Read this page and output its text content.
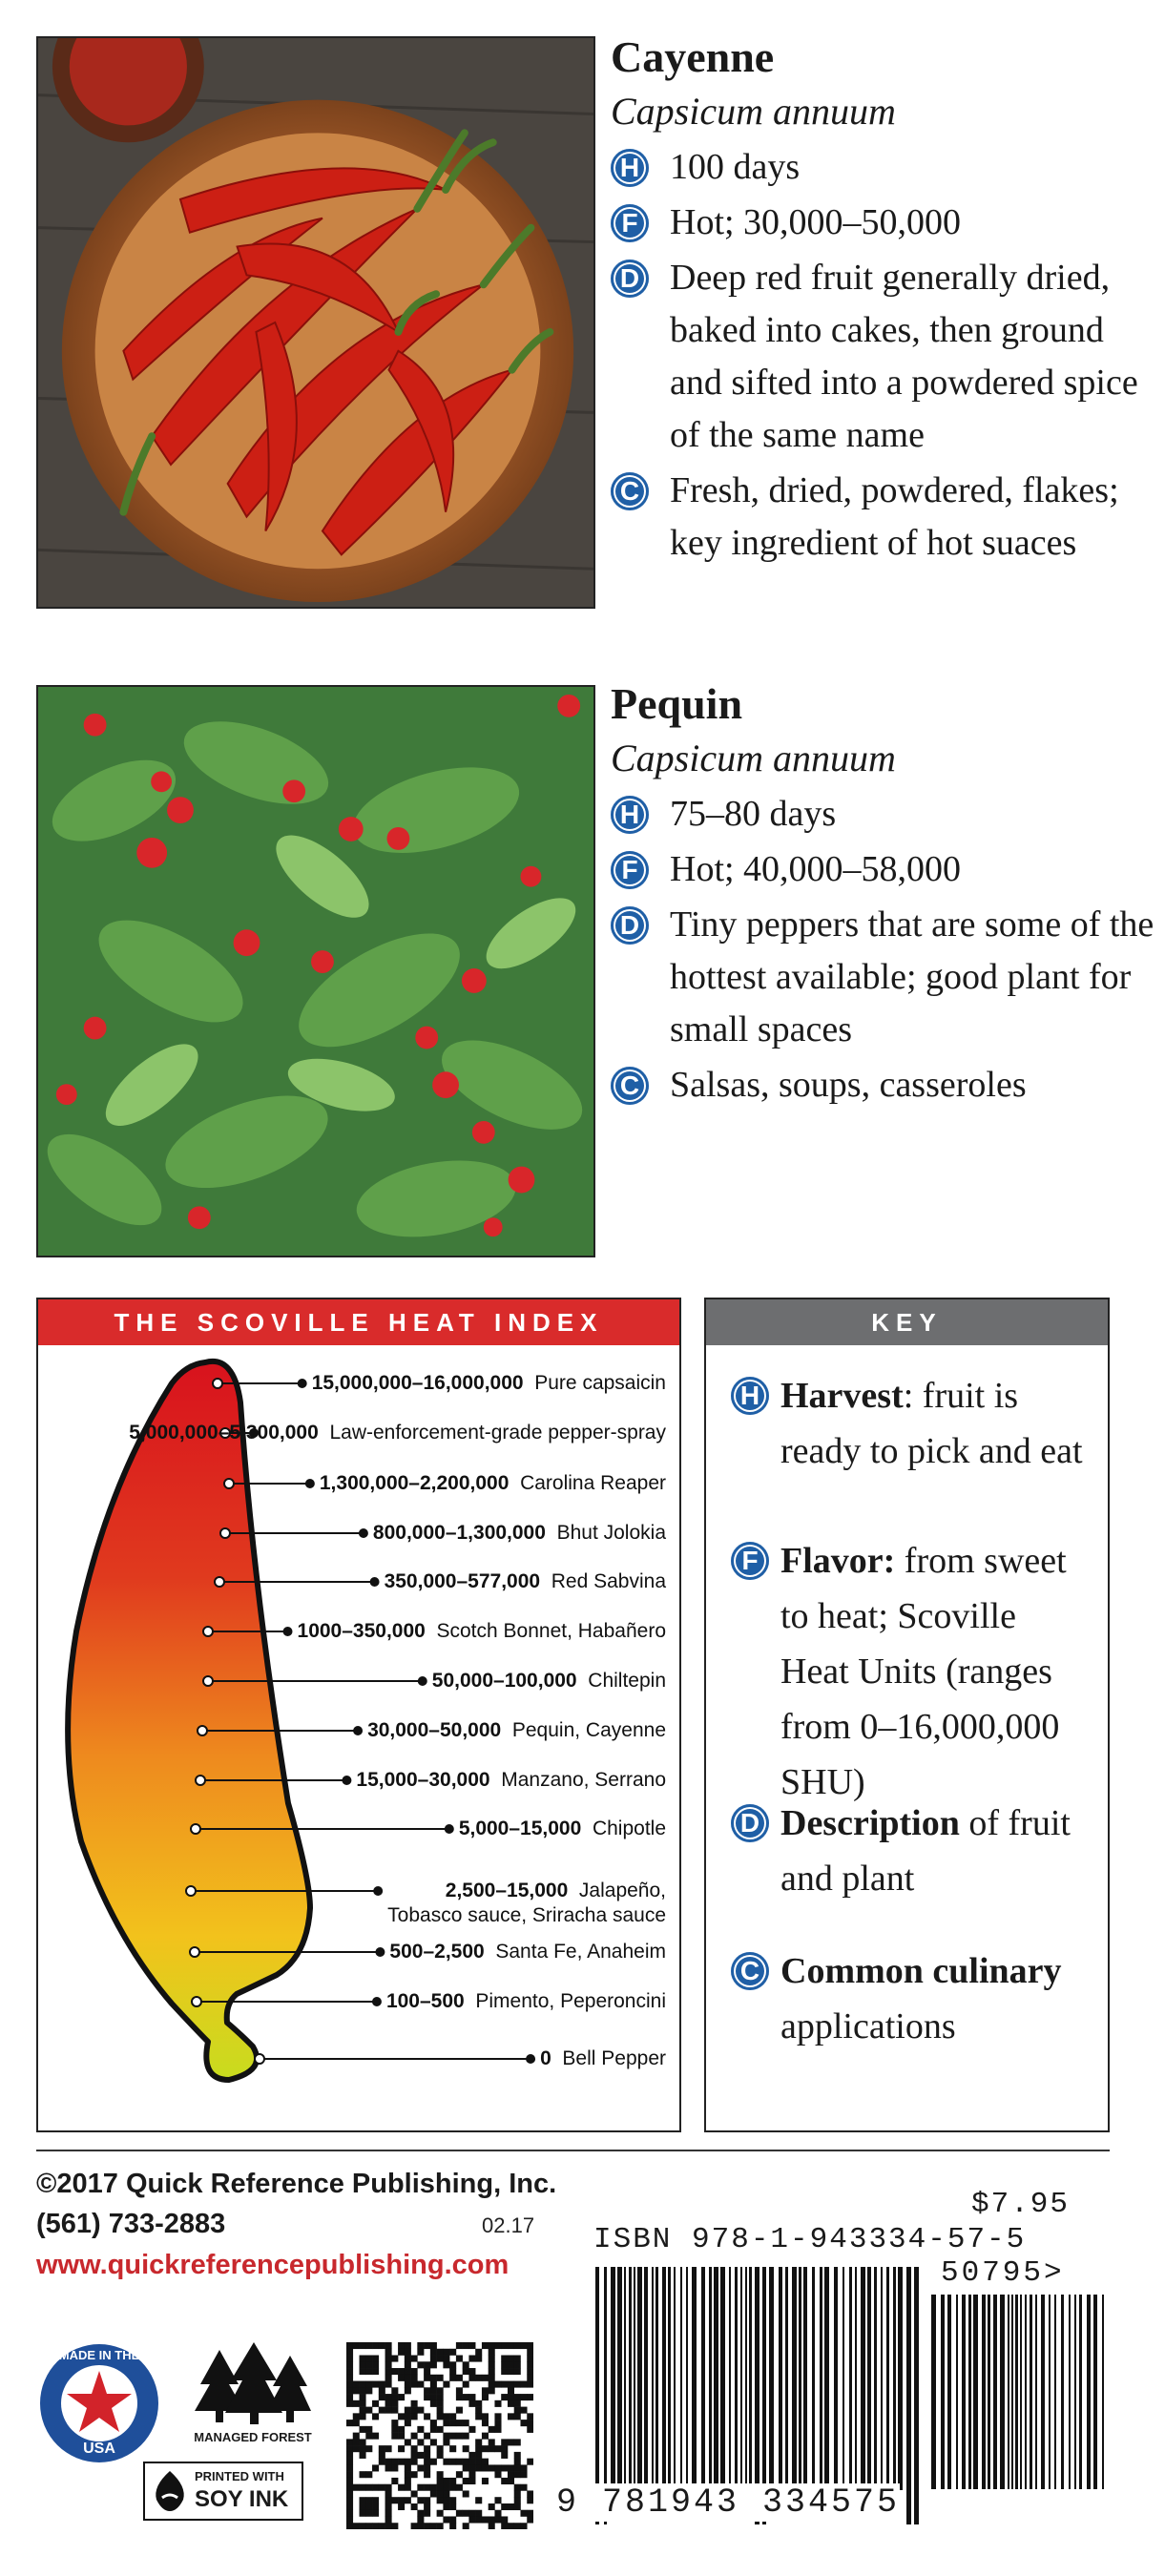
Cayenne

Capsicum annuum

H 100 days
F Hot; 30,000–50,000
D Deep red fruit generally dried, baked into cakes, then ground and sifted into a powdered spice of the same name
C Fresh, dried, powdered, flakes; key ingredient of hot suaces

Pequin

Capsicum annuum

H 75–80 days
F Hot; 40,000–58,000
D Tiny peppers that are some of the hottest available; good plant for small spaces
C Salsas, soups, casseroles
THE SCOVILLE HEAT INDEX
15,000,000–16,000,000  Pure capsaicin
5,000,000–5,300,000  Law-enforcement-grade pepper-spray
1,300,000–2,200,000  Carolina Reaper
800,000–1,300,000  Bhut Jolokia
350,000–577,000  Red Sabvina
1000–350,000  Scotch Bonnet, Habañero
50,000–100,000  Chiltepin
30,000–50,000  Pequin, Cayenne
15,000–30,000  Manzano, Serrano
5,000–15,000  Chipotle
2,500–15,000  Jalapeño,
Tobasco sauce, Sriracha sauce
500–2,500  Santa Fe, Anaheim
100–500  Pimento, Peperoncini
0  Bell Pepper
KEY
H Harvest: fruit is ready to pick and eat
F Flavor: from sweet to heat; Scoville Heat Units (ranges from 0–16,000,000 SHU)
D Description of fruit and plant
C Common culinary applications
©2017 Quick Reference Publishing, Inc.
(561) 733-2883	02.17
www.quickreferencepublishing.com
MADE IN THE
USA
MANAGED FOREST
PRINTED WITH
SOY INK
$7.95
ISBN 978-1-943334-57-5
50795>
9 781943 334575
